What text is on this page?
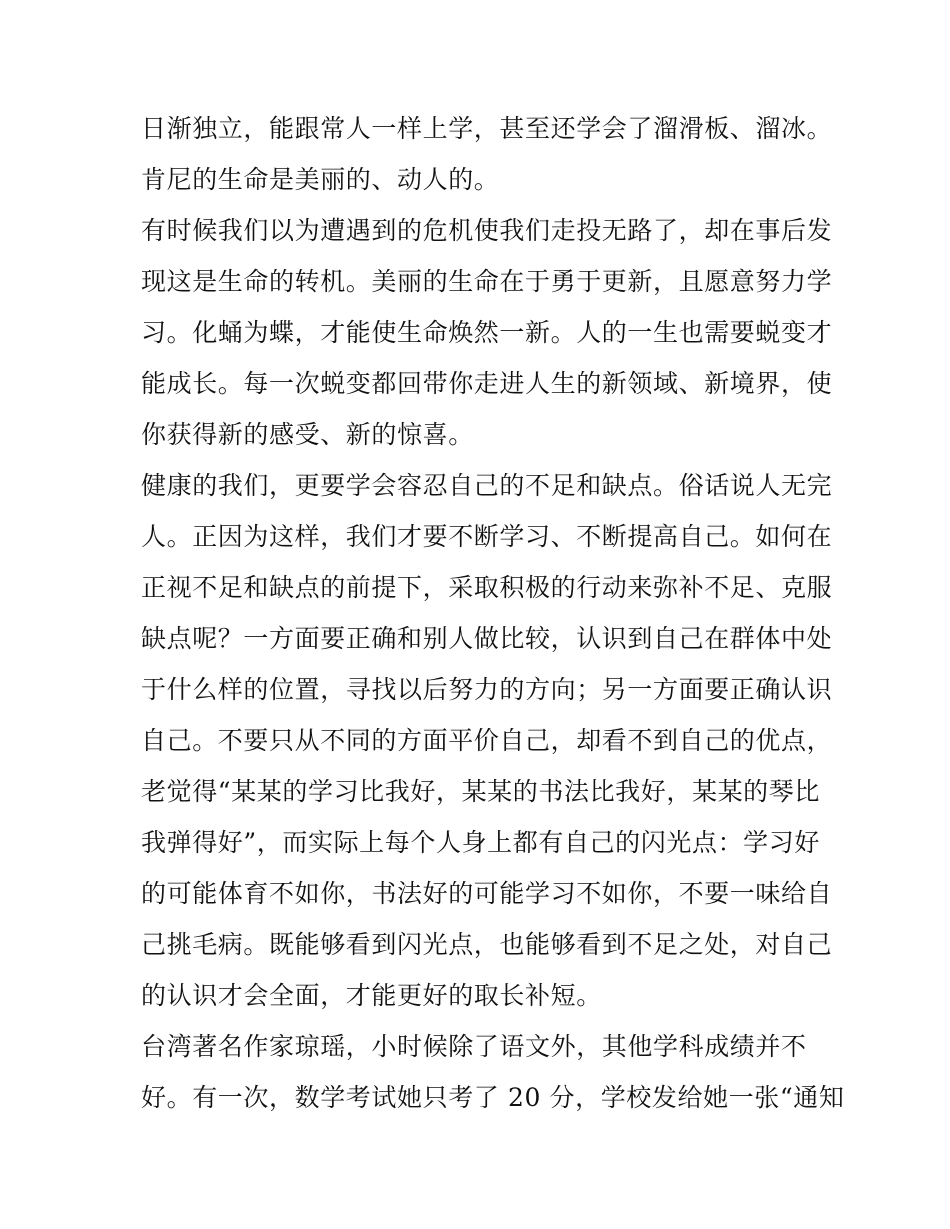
日渐独立，能跟常人一样上学，甚至还学会了溜滑板、溜冰。
肯尼的生命是美丽的、动人的。
有时候我们以为遭遇到的危机使我们走投无路了，却在事后发
现这是生命的转机。美丽的生命在于勇于更新，且愿意努力学
习。化蛹为蝶，才能使生命焕然一新。人的一生也需要蜕变才
能成长。每一次蜕变都回带你走进人生的新领域、新境界，使
你获得新的感受、新的惊喜。
健康的我们，更要学会容忍自己的不足和缺点。俗话说人无完
人。正因为这样，我们才要不断学习、不断提高自己。如何在
正视不足和缺点的前提下，采取积极的行动来弥补不足、克服
缺点呢？一方面要正确和别人做比较，认识到自己在群体中处
于什么样的位置，寻找以后努力的方向；另一方面要正确认识
自己。不要只从不同的方面平价自己，却看不到自己的优点，
老觉得“某某的学习比我好，某某的书法比我好，某某的琴比
我弹得好”，而实际上每个人身上都有自己的闪光点：学习好
的可能体育不如你，书法好的可能学习不如你，不要一味给自
己挑毛病。既能够看到闪光点，也能够看到不足之处，对自己
的认识才会全面，才能更好的取长补短。
台湾著名作家琼瑶，小时候除了语文外，其他学科成绩并不
好。有一次，数学考试她只考了 20 分，学校发给她一张“通知
